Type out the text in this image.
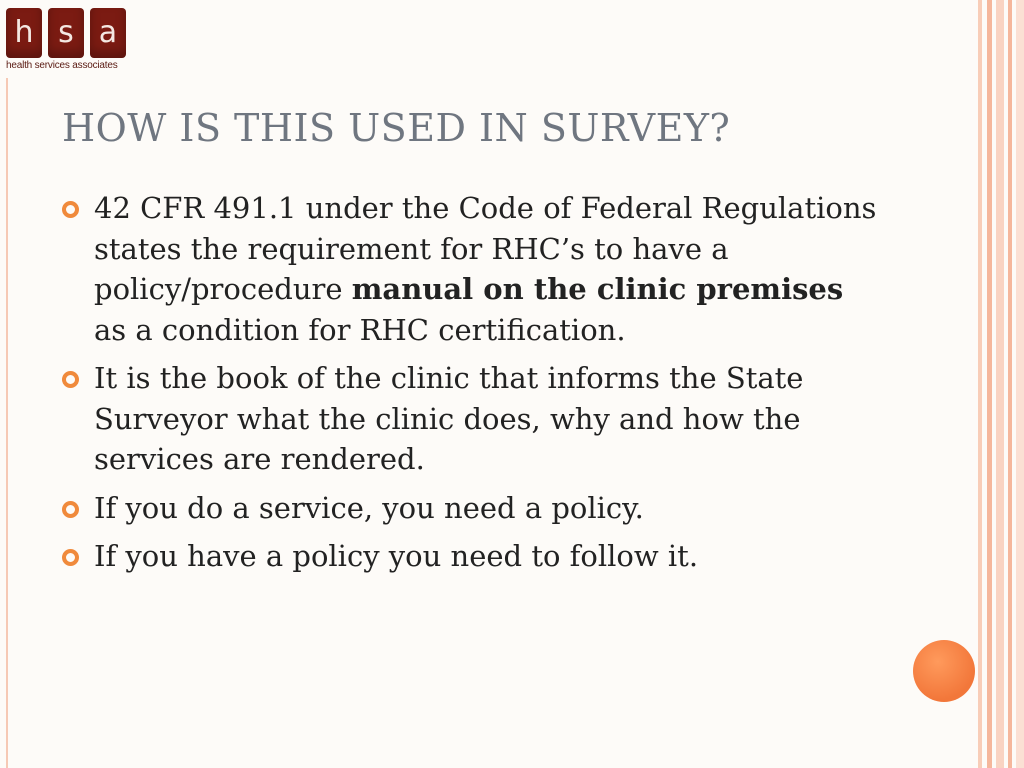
h s a
health services associates
HOW IS THIS USED IN SURVEY?
42 CFR 491.1 under the Code of Federal Regulations states the requirement for RHC’s to have a policy/procedure manual on the clinic premises as a condition for RHC certification.
It is the book of the clinic that informs the State Surveyor what the clinic does, why and how the services are rendered.
If you do a service, you need a policy.
If you have a policy you need to follow it.
